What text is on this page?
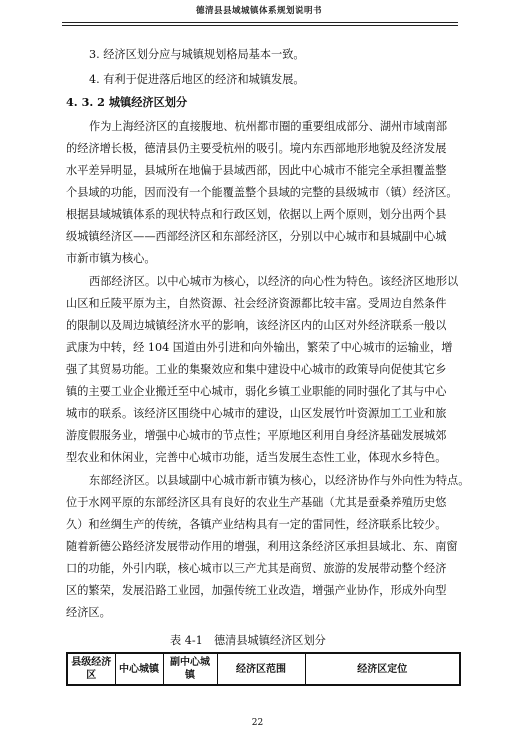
德清县县域城镇体系规划说明书
3. 经济区划分应与城镇规划格局基本一致。
4. 有利于促进落后地区的经济和城镇发展。
4. 3. 2 城镇经济区划分
作为上海经济区的直接腹地、杭州都市圈的重要组成部分、湖州市域南部
的经济增长极，德清县仍主要受杭州的吸引。境内东西部地形地貌及经济发展
水平差异明显，县城所在地偏于县域西部，因此中心城市不能完全承担覆盖整
个县域的功能，因而没有一个能覆盖整个县域的完整的县级城市（镇）经济区。
根据县域城镇体系的现状特点和行政区划，依据以上两个原则，划分出两个县
级城镇经济区——西部经济区和东部经济区，分别以中心城市和县城副中心城
市新市镇为核心。
西部经济区。以中心城市为核心，以经济的向心性为特色。该经济区地形以
山区和丘陵平原为主，自然资源、社会经济资源都比较丰富。受周边自然条件
的限制以及周边城镇经济水平的影响，该经济区内的山区对外经济联系一般以
武康为中转，经 104 国道由外引进和向外输出，繁荣了中心城市的运输业，增
强了其贸易功能。工业的集聚效应和集中建设中心城市的政策导向促使其它乡
镇的主要工业企业搬迁至中心城市，弱化乡镇工业职能的同时强化了其与中心
城市的联系。该经济区围绕中心城市的建设，山区发展竹叶资源加工工业和旅
游度假服务业，增强中心城市的节点性；平原地区利用自身经济基础发展城郊
型农业和休闲业，完善中心城市功能，适当发展生态性工业，体现水乡特色。
东部经济区。以县域副中心城市新市镇为核心，以经济协作与外向性为特点。
位于水网平原的东部经济区具有良好的农业生产基础（尤其是蚕桑养殖历史悠
久）和丝绸生产的传统，各镇产业结构具有一定的雷同性，经济联系比较少。
随着新德公路经济发展带动作用的增强，利用这条经济区承担县域北、东、南窗
口的功能，外引内联，核心城市以三产尤其是商贸、旅游的发展带动整个经济
区的繁荣，发展沿路工业园，加强传统工业改造，增强产业协作，形成外向型
经济区。
表 4-1　德清县城镇经济区划分
县级经济区	中心城镇	副中心城镇	经济区范围	经济区定位
22
